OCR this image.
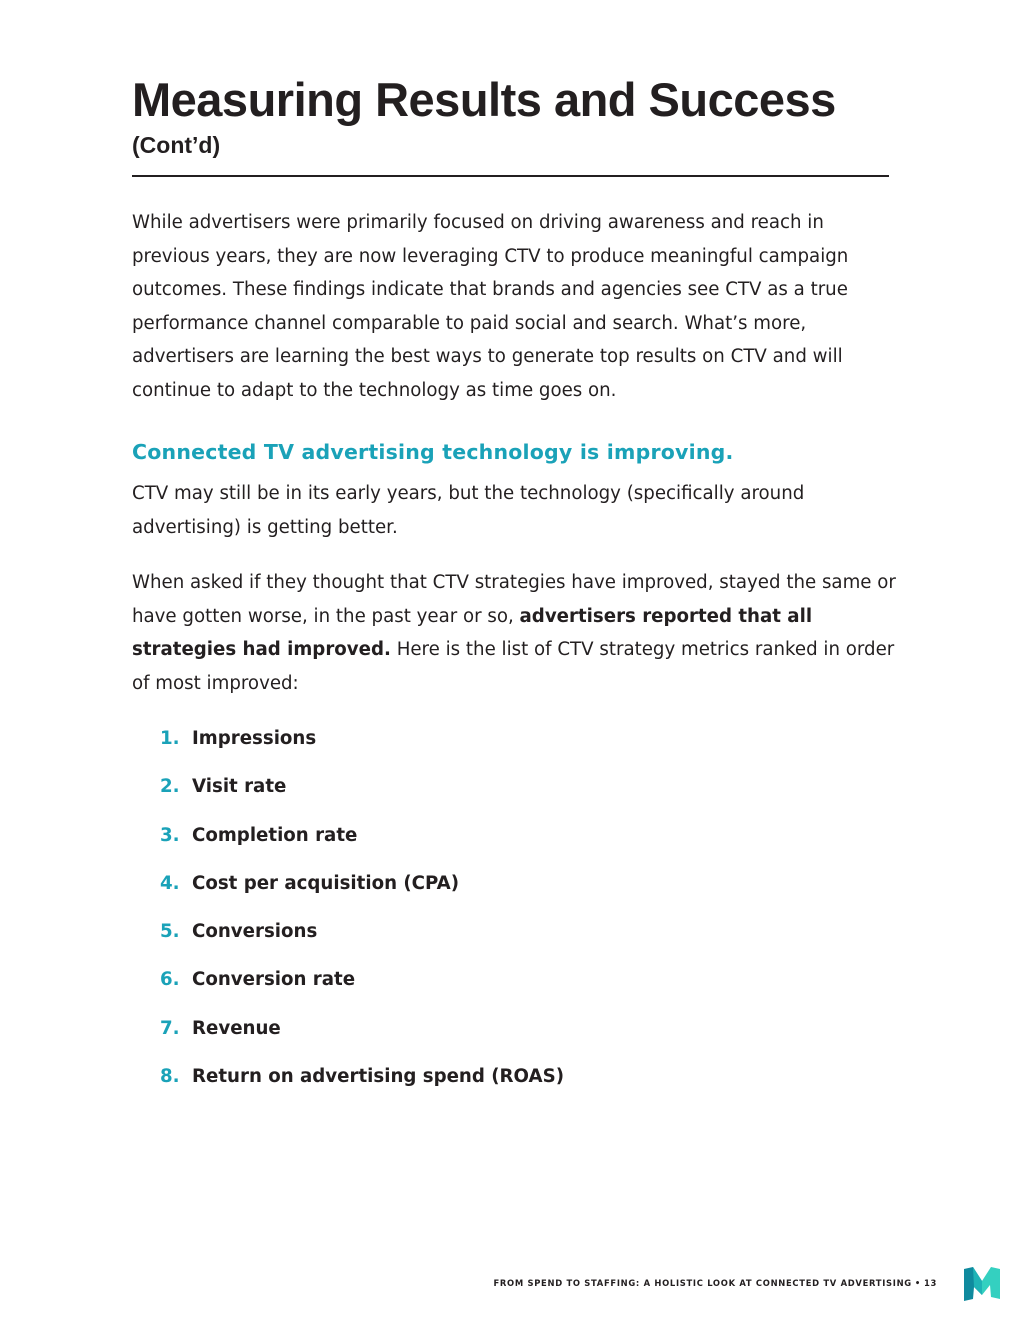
Measuring Results and Success
(Cont’d)

While advertisers were primarily focused on driving awareness and reach in previous years, they are now leveraging CTV to produce meaningful campaign outcomes. These findings indicate that brands and agencies see CTV as a true performance channel comparable to paid social and search. What’s more, advertisers are learning the best ways to generate top results on CTV and will continue to adapt to the technology as time goes on.

Connected TV advertising technology is improving.

CTV may still be in its early years, but the technology (specifically around advertising) is getting better.

When asked if they thought that CTV strategies have improved, stayed the same or have gotten worse, in the past year or so, advertisers reported that all strategies had improved. Here is the list of CTV strategy metrics ranked in order of most improved:

1. Impressions
2. Visit rate
3. Completion rate
4. Cost per acquisition (CPA)
5. Conversions
6. Conversion rate
7. Revenue
8. Return on advertising spend (ROAS)
FROM SPEND TO STAFFING: A HOLISTIC LOOK AT CONNECTED TV ADVERTISING • 13
